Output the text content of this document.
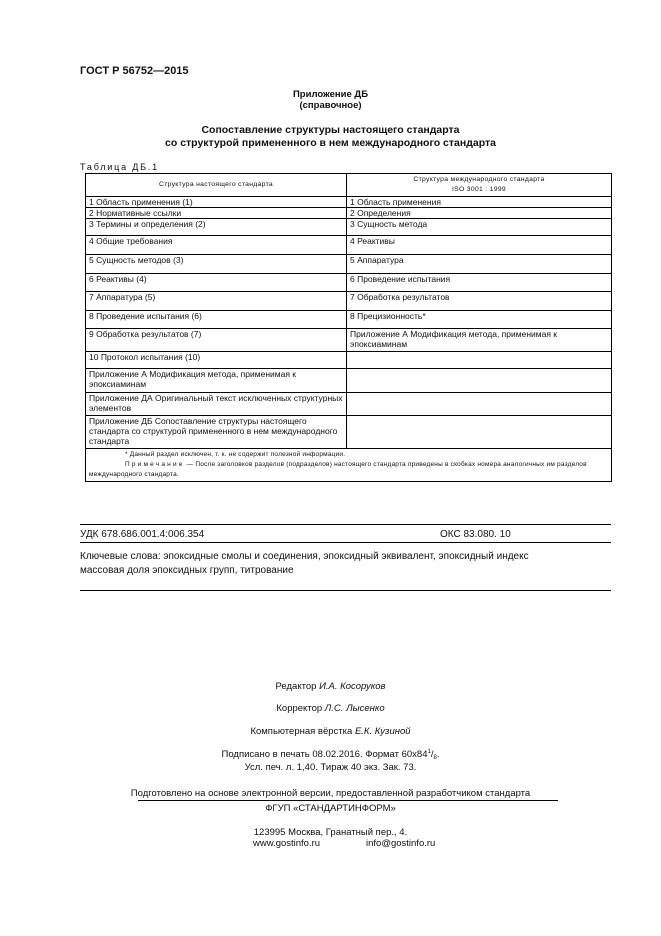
ГОСТ Р 56752—2015
Приложение ДБ
(справочное)
Сопоставление структуры настоящего стандарта
со структурой примененного в нем международного стандарта
Таблица ДБ.1
Структура настоящего стандарта	Структура международного стандарта
ISO 3001 : 1999

1 Область применения (1)	1 Область применения
2 Нормативные ссылки	2 Определения
3 Термины и определения (2)	3 Сущность метода
4 Общие требования	4 Реактивы
5 Сущность методов (3)	5 Аппаратура
6 Реактивы (4)	6 Проведение испытания
7 Аппаратура (5)	7 Обработка результатов
8 Проведение испытания (6)	8 Прецизионность*
9 Обработка результатов (7)	Приложение А Модификация метода, применимая к эпоксиаминам
10 Протокол испытания (10)	
Приложение А Модификация метода, применимая к эпоксиаминам	
Приложение ДА Оригинальный текст исключенных структурных элементов	
Приложение ДБ Сопоставление структуры настоящего стандарта со структурой примененного в нем международного стандарта	

* Данный раздел исключен, т. к. не содержит полезной информации.
Примечание — После заголовков разделов (подразделов) настоящего стандарта приведены в скобках номера аналогичных им разделов международного стандарта.	
УДК 678.686.001.4:006.354	ОКС 83.080. 10
Ключевые слова: эпоксидные смолы и соединения, эпоксидный эквивалент, эпоксидный индекс
массовая доля эпоксидных групп, титрование
Редактор И.А. Косоруков
Корректор Л.С. Лысенко
Компьютерная вёрстка Е.К. Кузиной
Подписано в печать 08.02.2016. Формат $60x84^1/_8$.
Усл. печ. л. 1,40. Тираж 40 экз. Зак. 73.
Подготовлено на основе электронной версии, предоставленной разработчиком стандарта
ФГУП «СТАНДАРТИНФОРМ»
123995 Москва, Гранатный пер., 4.
www.gostinfo.ru	info@gostinfo.ru
